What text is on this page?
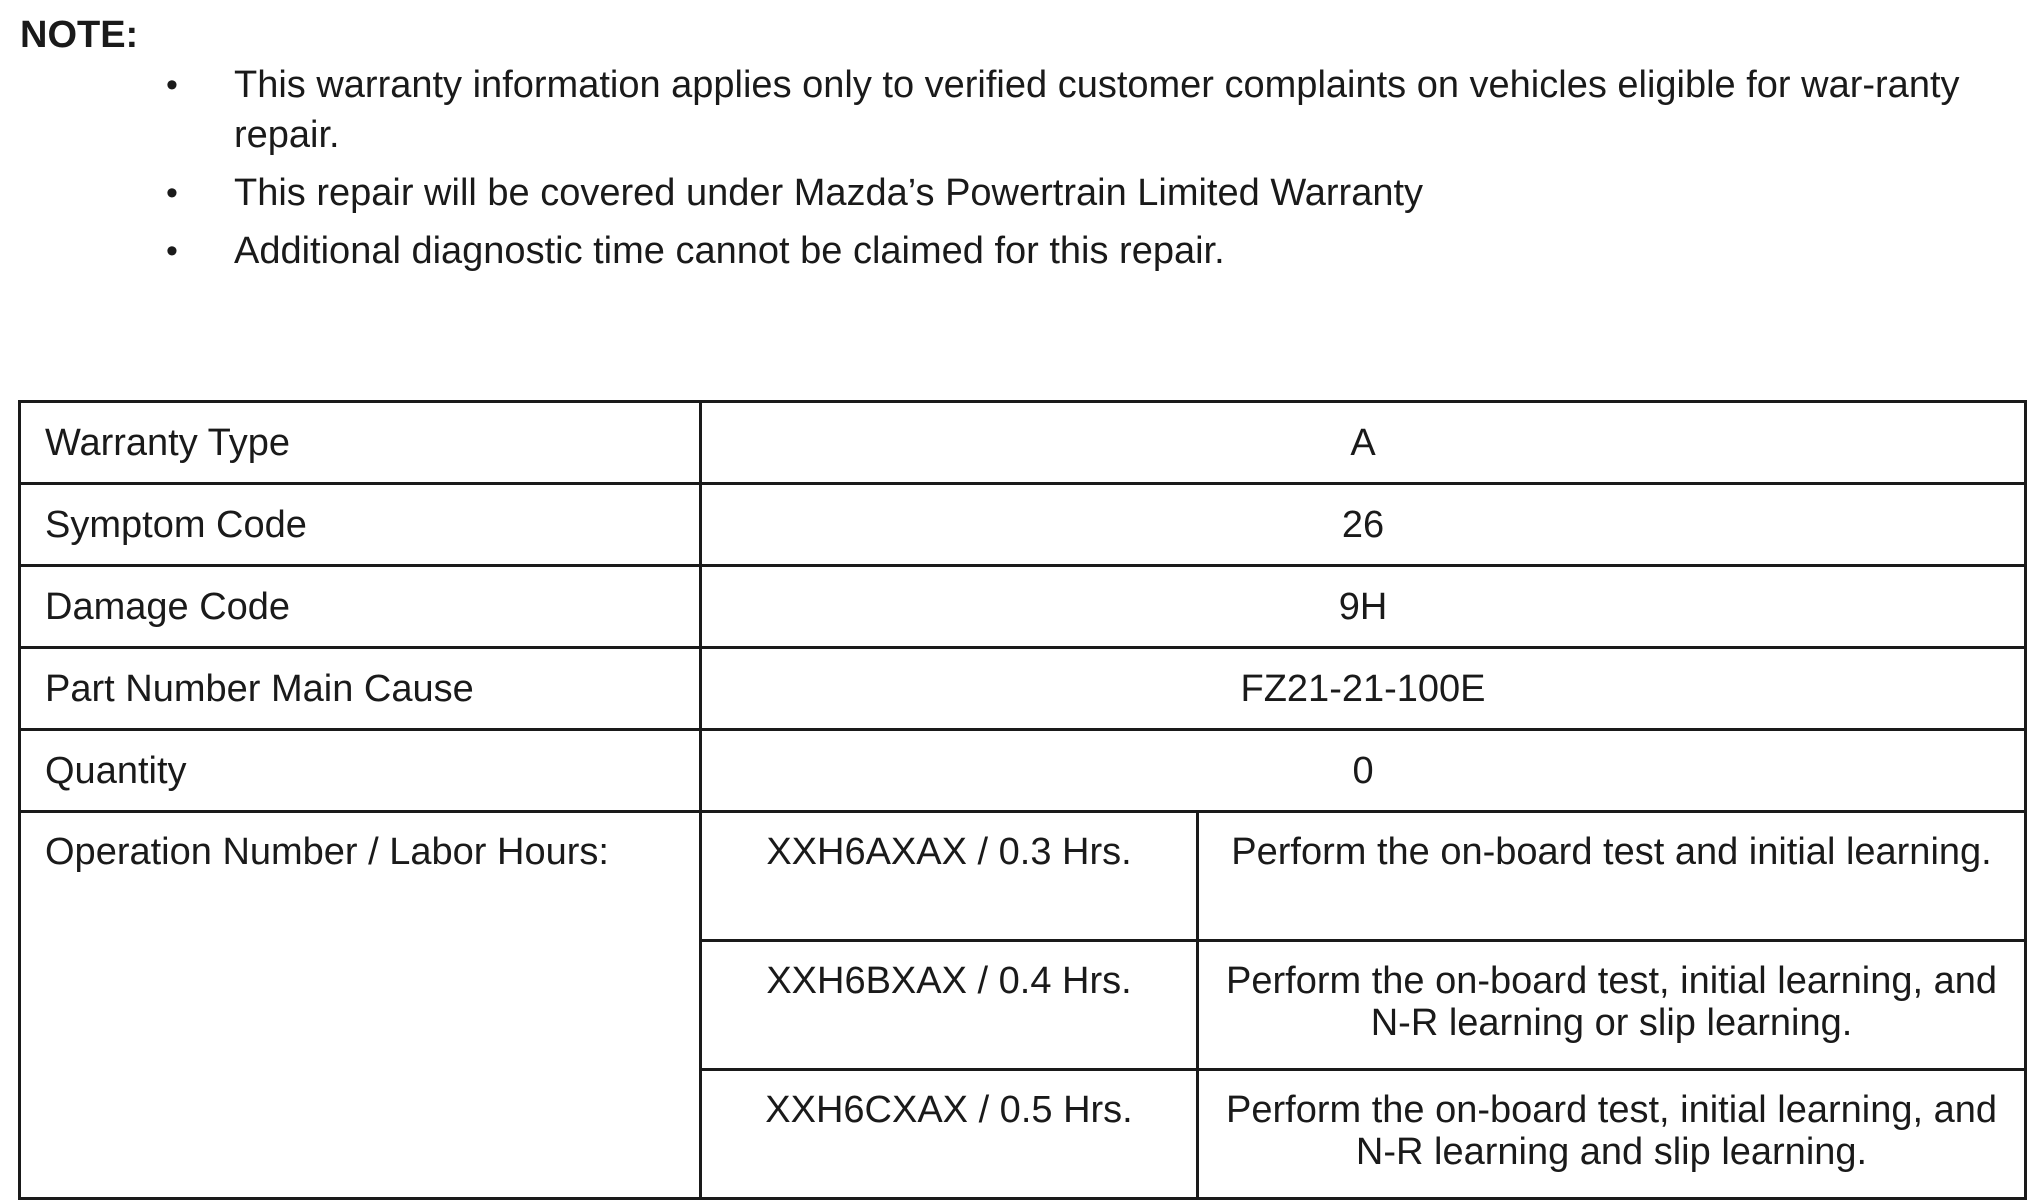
NOTE:
• This warranty information applies only to verified customer complaints on vehicles eligible for war-ranty repair.
• This repair will be covered under Mazda’s Powertrain Limited Warranty
• Additional diagnostic time cannot be claimed for this repair.
Warranty Type	A	
Symptom Code	26	
Damage Code	9H	
Part Number Main Cause	FZ21-21-100E	
Quantity	0	
Operation Number / Labor Hours:	XXH6AXAX / 0.3 Hrs.	Perform the on-board test and initial learning.
	XXH6BXAX / 0.4 Hrs.	Perform the on-board test, initial learning, and N-R learning or slip learning.
	XXH6CXAX / 0.5 Hrs.	Perform the on-board test, initial learning, and N-R learning and slip learning.
